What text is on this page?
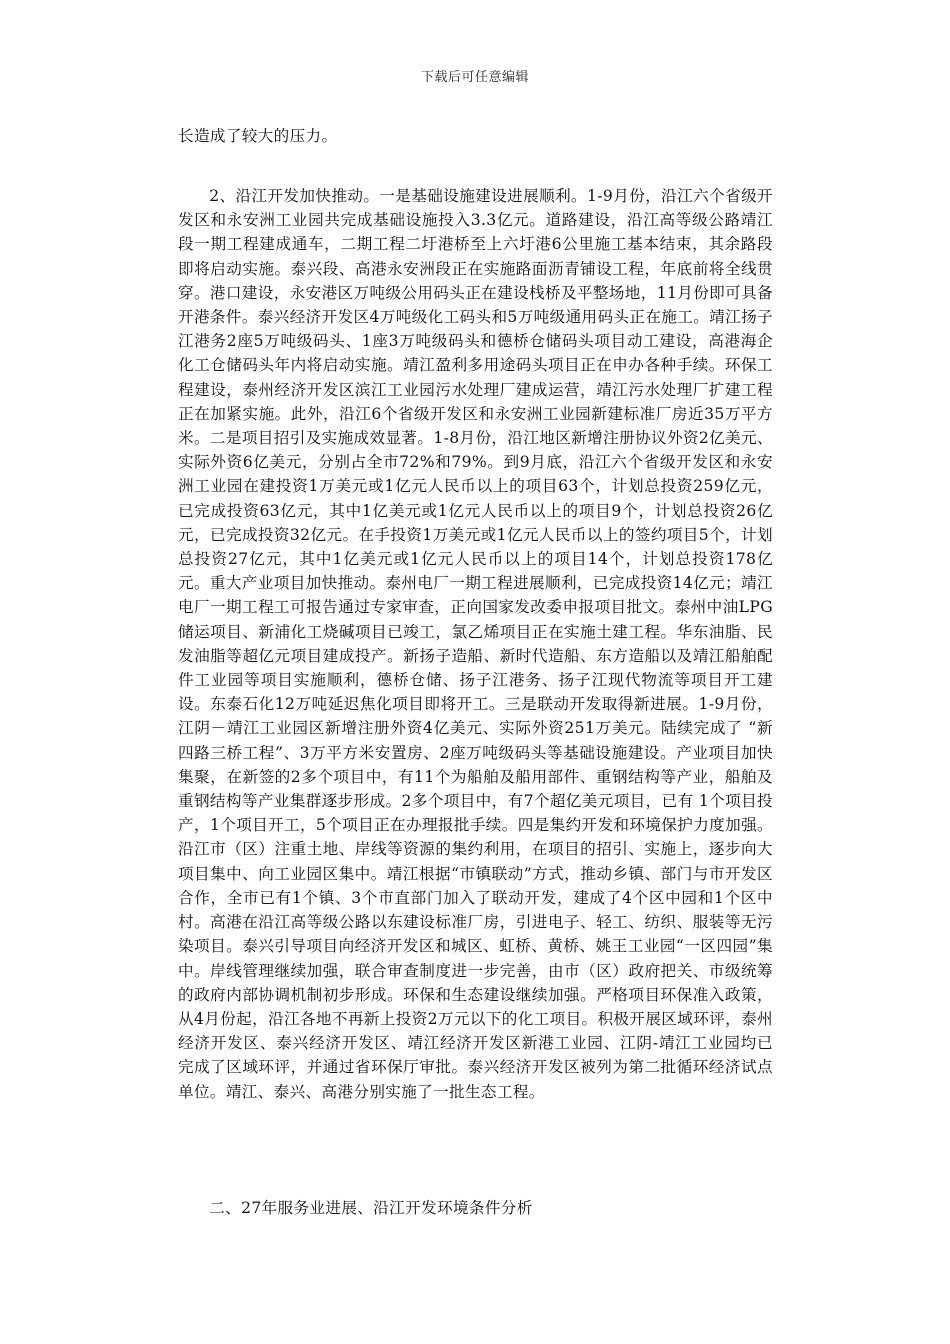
下载后可任意编辑

长造成了较大的压力。

2、沿江开发加快推动。一是基础设施建设进展顺利。1-9月份，沿江六个省级开发区和永安洲工业园共完成基础设施投入3.3亿元。道路建设，沿江高等级公路靖江段一期工程建成通车，二期工程二圩港桥至上六圩港6公里施工基本结束，其余路段即将启动实施。泰兴段、高港永安洲段正在实施路面沥青铺设工程，年底前将全线贯穿。港口建设，永安港区万吨级公用码头正在建设栈桥及平整场地，11月份即可具备开港条件。泰兴经济开发区4万吨级化工码头和5万吨级通用码头正在施工。靖江扬子江港务2座5万吨级码头、1座3万吨级码头和德桥仓储码头项目动工建设，高港海企化工仓储码头年内将启动实施。靖江盈利多用途码头项目正在申办各种手续。环保工程建设，泰州经济开发区滨江工业园污水处理厂建成运营，靖江污水处理厂扩建工程正在加紧实施。此外，沿江6个省级开发区和永安洲工业园新建标准厂房近35万平方米。二是项目招引及实施成效显著。1-8月份，沿江地区新增注册协议外资2亿美元、实际外资6亿美元，分别占全市72%和79%。到9月底，沿江六个省级开发区和永安洲工业园在建投资1万美元或1亿元人民币以上的项目63个，计划总投资259亿元，已完成投资63亿元，其中1亿美元或1亿元人民币以上的项目9个，计划总投资26亿元，已完成投资32亿元。在手投资1万美元或1亿元人民币以上的签约项目5个，计划总投资27亿元，其中1亿美元或1亿元人民币以上的项目14个，计划总投资178亿元。重大产业项目加快推动。泰州电厂一期工程进展顺利，已完成投资14亿元；靖江电厂一期工程工可报告通过专家审查，正向国家发改委申报项目批文。泰州中油LPG储运项目、新浦化工烧碱项目已竣工，氯乙烯项目正在实施土建工程。华东油脂、民发油脂等超亿元项目建成投产。新扬子造船、新时代造船、东方造船以及靖江船舶配件工业园等项目实施顺利，德桥仓储、扬子江港务、扬子江现代物流等项目开工建设。东泰石化12万吨延迟焦化项目即将开工。三是联动开发取得新进展。1-9月份，江阴－靖江工业园区新增注册外资4亿美元、实际外资251万美元。陆续完成了 “新四路三桥工程”、3万平方米安置房、2座万吨级码头等基础设施建设。产业项目加快集聚，在新签的2多个项目中，有11个为船舶及船用部件、重钢结构等产业，船舶及重钢结构等产业集群逐步形成。2多个项目中，有7个超亿美元项目，已有 1个项目投产，1个项目开工，5个项目正在办理报批手续。四是集约开发和环境保护力度加强。沿江市（区）注重土地、岸线等资源的集约利用，在项目的招引、实施上，逐步向大项目集中、向工业园区集中。靖江根据“市镇联动”方式，推动乡镇、部门与市开发区合作，全市已有1个镇、3个市直部门加入了联动开发，建成了4个区中园和1个区中村。高港在沿江高等级公路以东建设标准厂房，引进电子、轻工、纺织、服装等无污染项目。泰兴引导项目向经济开发区和城区、虹桥、黄桥、姚王工业园“一区四园”集中。岸线管理继续加强，联合审查制度进一步完善，由市（区）政府把关、市级统筹的政府内部协调机制初步形成。环保和生态建设继续加强。严格项目环保准入政策，从4月份起，沿江各地不再新上投资2万元以下的化工项目。积极开展区域环评，泰州经济开发区、泰兴经济开发区、靖江经济开发区新港工业园、江阴-靖江工业园均已完成了区域环评，并通过省环保厅审批。泰兴经济开发区被列为第二批循环经济试点单位。靖江、泰兴、高港分别实施了一批生态工程。

二、27年服务业进展、沿江开发环境条件分析
